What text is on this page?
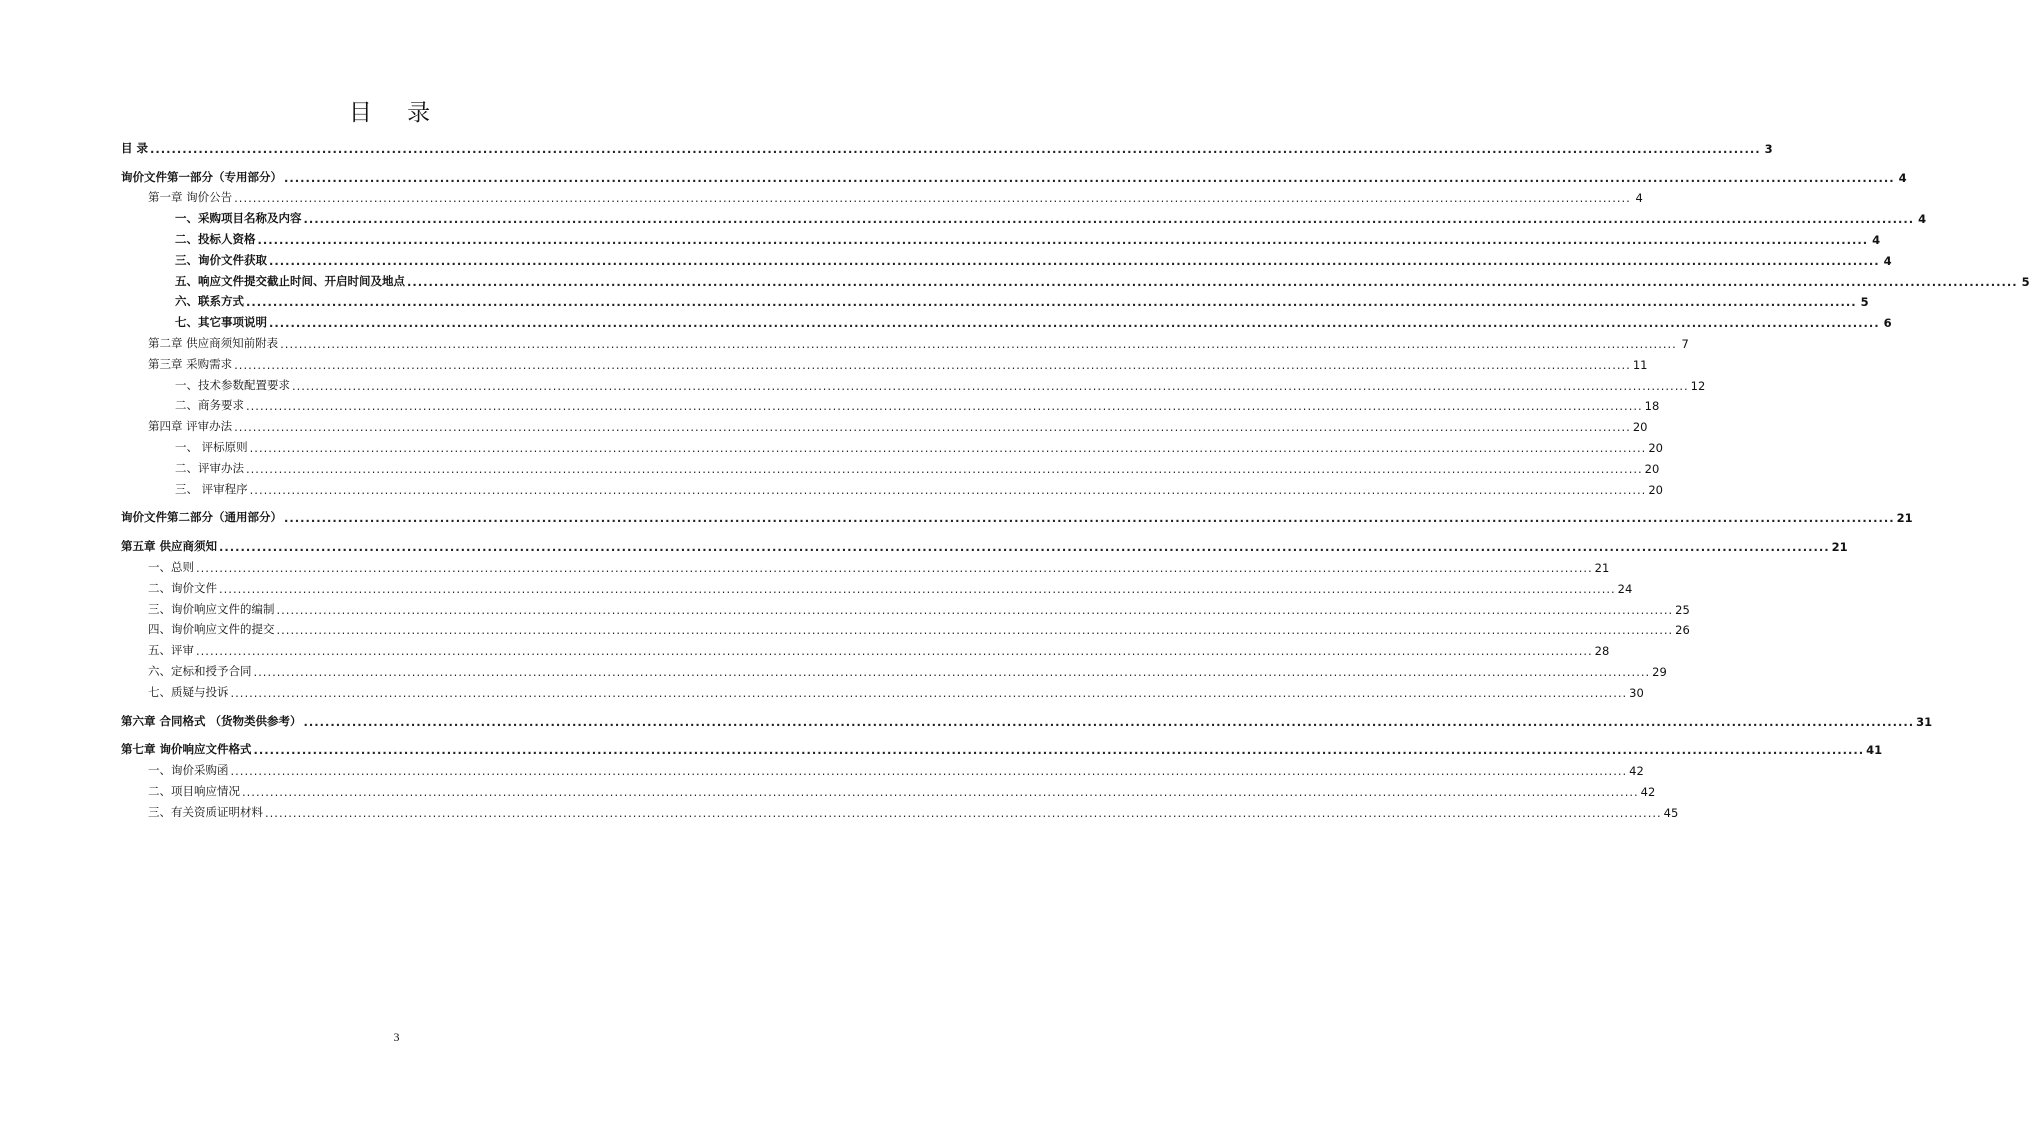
目 录
目 录 ............................................................................................................................................................................................................................................................................................................ 3
询价文件第一部分（专用部分） ............................................................................................................................................................................................................................................................................................................ 4
第一章 询价公告 ............................................................................................................................................................................................................................................................................................................ 4
一、采购项目名称及内容 ............................................................................................................................................................................................................................................................................................................ 4
二、投标人资格 ............................................................................................................................................................................................................................................................................................................ 4
三、询价文件获取 ............................................................................................................................................................................................................................................................................................................ 4
五、响应文件提交截止时间、开启时间及地点 ............................................................................................................................................................................................................................................................................................................ 5
六、联系方式 ............................................................................................................................................................................................................................................................................................................ 5
七、其它事项说明 ............................................................................................................................................................................................................................................................................................................ 6
第二章 供应商须知前附表 ............................................................................................................................................................................................................................................................................................................ 7
第三章 采购需求 ............................................................................................................................................................................................................................................................................................................ 11
一、技术参数配置要求 ............................................................................................................................................................................................................................................................................................................ 12
二、商务要求 ............................................................................................................................................................................................................................................................................................................ 18
第四章 评审办法 ............................................................................................................................................................................................................................................................................................................ 20
一、 评标原则 ............................................................................................................................................................................................................................................................................................................ 20
二、评审办法 ............................................................................................................................................................................................................................................................................................................ 20
三、 评审程序 ............................................................................................................................................................................................................................................................................................................ 20
询价文件第二部分（通用部分） ............................................................................................................................................................................................................................................................................................................ 21
第五章 供应商须知 ............................................................................................................................................................................................................................................................................................................ 21
一、总则 ............................................................................................................................................................................................................................................................................................................ 21
二、询价文件 ............................................................................................................................................................................................................................................................................................................ 24
三、询价响应文件的编制 ............................................................................................................................................................................................................................................................................................................ 25
四、询价响应文件的提交 ............................................................................................................................................................................................................................................................................................................ 26
五、评审 ............................................................................................................................................................................................................................................................................................................ 28
六、定标和授予合同 ............................................................................................................................................................................................................................................................................................................ 29
七、质疑与投诉 ............................................................................................................................................................................................................................................................................................................ 30
第六章 合同格式 （货物类供参考） ............................................................................................................................................................................................................................................................................................................ 31
第七章 询价响应文件格式 ............................................................................................................................................................................................................................................................................................................ 41
一、询价采购函 ............................................................................................................................................................................................................................................................................................................ 42
二、项目响应情况 ............................................................................................................................................................................................................................................................................................................ 42
三、有关资质证明材料 ............................................................................................................................................................................................................................................................................................................ 45
3
